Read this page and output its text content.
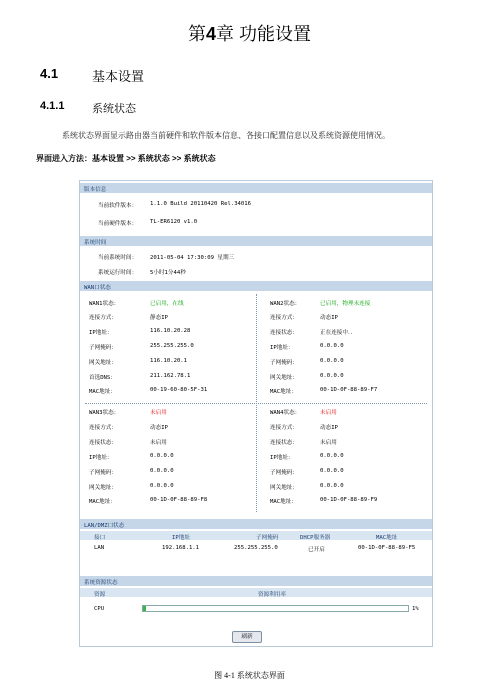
第4章 功能设置
4.1	基本设置
4.1.1	系统状态
系统状态界面显示路由器当前硬件和软件版本信息、各接口配置信息以及系统资源使用情况。
界面进入方法：基本设置 >> 系统状态 >> 系统状态
版本信息
当前软件版本： 1.1.0 Build 20110420 Rel.34016
当前硬件版本： TL-ER6120 v1.0
系统时间
当前系统时间： 2011-05-04 17:30:09 星期三
系统运行时间： 5小时1分44秒
WAN口状态
WAN1状态：	已启用，在线
连接方式：	静态IP
IP地址：	116.10.20.28
子网掩码：	255.255.255.0
网关地址：	116.10.20.1
首选DNS：	211.162.78.1
MAC地址：	00-19-60-80-5F-31
WAN2状态：	已启用，物理未连接
连接方式：	动态IP
连接状态：	正在连接中．．
IP地址：	0.0.0.0
子网掩码：	0.0.0.0
网关地址：	0.0.0.0
MAC地址：	00-1D-0F-88-89-F7
WAN3状态：	未启用
连接方式：	动态IP
连接状态：	未启用
IP地址：	0.0.0.0
子网掩码：	0.0.0.0
网关地址：	0.0.0.0
MAC地址：	00-1D-0F-88-89-F8
WAN4状态：	未启用
连接方式：	动态IP
连接状态：	未启用
IP地址：	0.0.0.0
子网掩码：	0.0.0.0
网关地址：	0.0.0.0
MAC地址：	00-1D-0F-88-89-F9
LAN/DMZ口状态
接口	IP地址	子网掩码	DHCP服务器	MAC地址
LAN	192.168.1.1	255.255.255.0	已开启	00-1D-0F-88-89-F5
系统资源状态
资源	资源利用率
CPU	1%
刷新
图 4-1 系统状态界面
